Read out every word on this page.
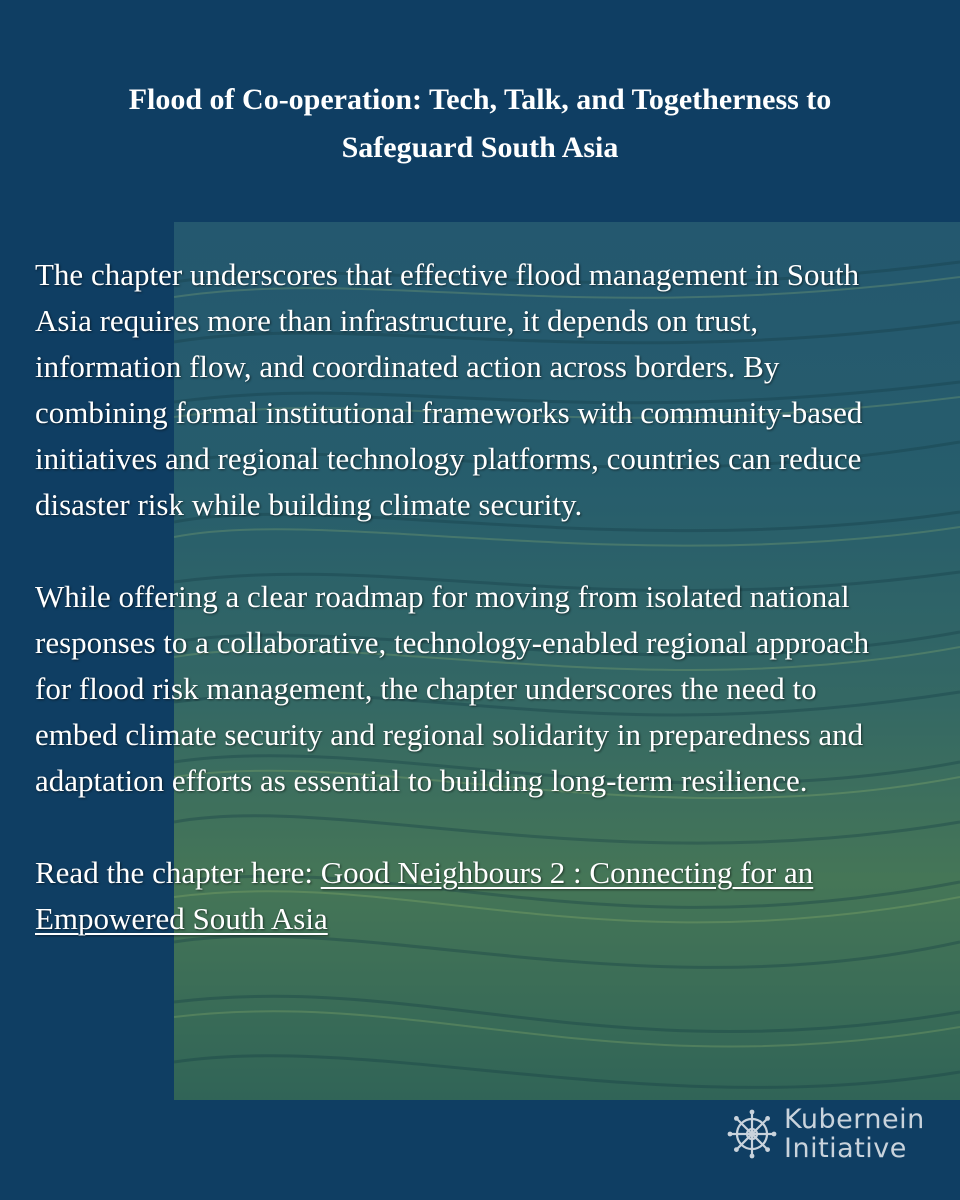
Flood of Co-operation: Tech, Talk, and Togetherness to
Safeguard South Asia

The chapter underscores that effective flood management in South Asia requires more than infrastructure, it depends on trust, information flow, and coordinated action across borders. By combining formal institutional frameworks with community-based initiatives and regional technology platforms, countries can reduce disaster risk while building climate security.

While offering a clear roadmap for moving from isolated national responses to a collaborative, technology-enabled regional approach for flood risk management, the chapter underscores the need to embed climate security and regional solidarity in preparedness and adaptation efforts as essential to building long-term resilience.

Read the chapter here: Good Neighbours 2 : Connecting for an Empowered South Asia

Kubernein
Initiative
